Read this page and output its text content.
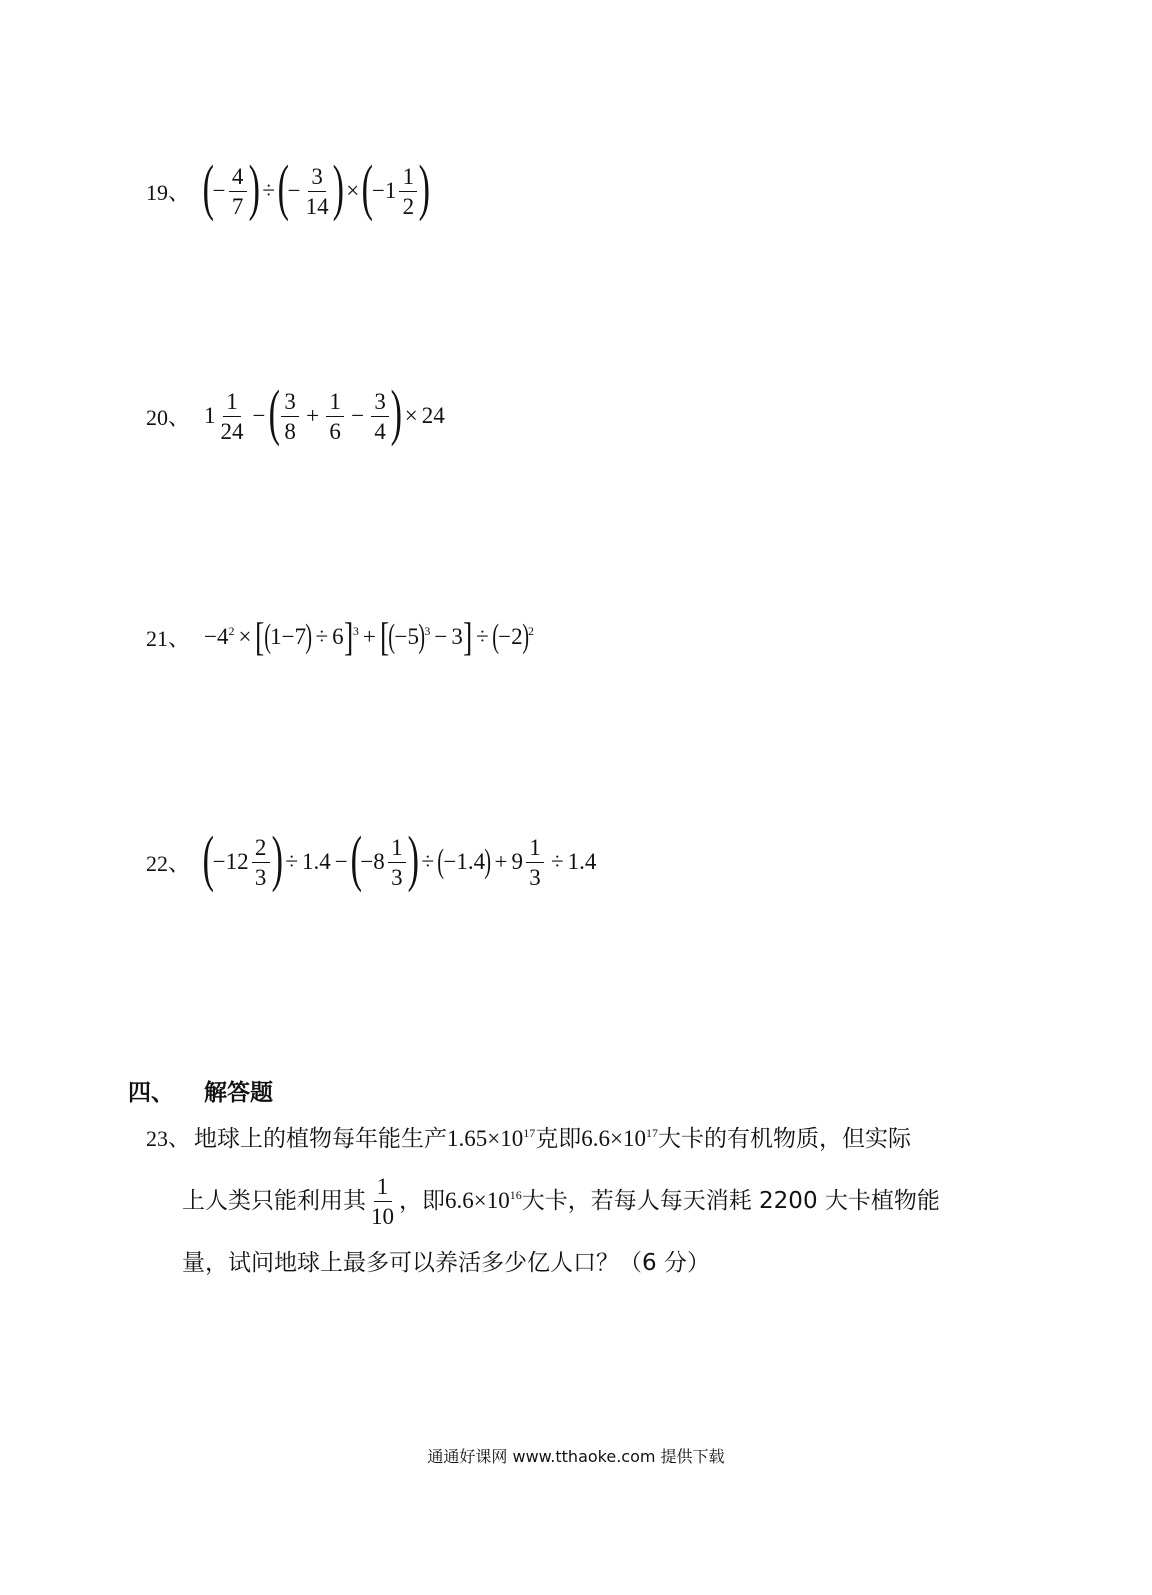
19、 (
− $\frac{4}{7}$ ) ÷ (
− $\frac{3}{14}$ ) × (
− $1 \frac{1}{2}$ )
20、 $1 \frac{1}{24}$ − ( $\frac{3}{8} + \frac{1}{6} - \frac{3}{4}$ ) × 24
21、 $-4^2$ × [ ( 1−7 ) ÷ 6 ]$^3$ + [ ( −5 )$^3$ − 3 ] ÷ ( −2 )$^2$
22、 (
$-12 \frac{2}{3}$ ) ÷ 1.4 − (
$-8 \frac{1}{3}$ ) ÷ ( −1.4 ) + $9 \frac{1}{3} \div 1.4$
四、 解答题
23、 地球上的植物每年能生产 $1.65\times 10^{17}$ 克即 $6.6\times 10^{17}$ 大卡的有机物质，但实际
上人类只能利用其 $\frac{1}{10}$ ，即 $6.6\times 10^{16}$ 大卡，若每人每天消耗 2200 大卡植物能
量，试问地球上最多可以养活多少亿人口？（6 分）
通通好课网 www.tthaoke.com 提供下载
